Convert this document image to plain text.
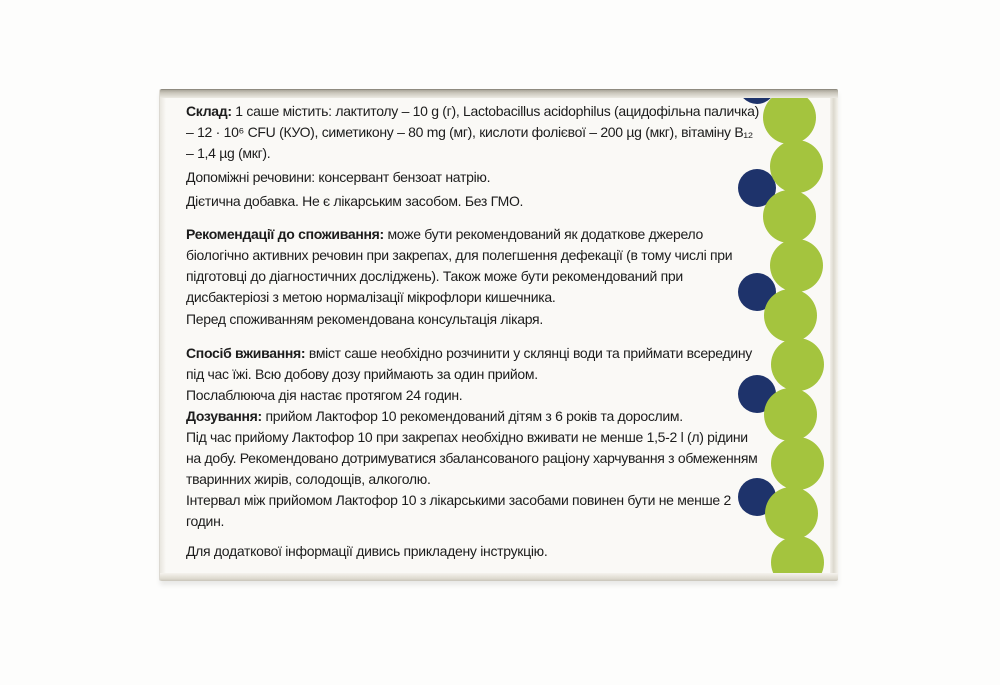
Склад: 1 саше містить: лактитолу – 10 g (г), Lactobacillus acidophilus (ацидофільна паличка) – 12 · 10⁶ CFU (КУО), симетикону – 80 mg (мг), кислоти фолієвої – 200 µg (мкг), вітаміну B₁₂ – 1,4 µg (мкг).

Допоміжні речовини: консервант бензоат натрію.

Дієтична добавка. Не є лікарським засобом. Без ГМО.

Рекомендації до споживання: може бути рекомендований як додаткове джерело біологічно активних речовин при закрепах, для полегшення дефекації (в тому числі при підготовці до діагностичних досліджень). Також може бути рекомендований при дисбактеріозі з метою нормалізації мікрофлори кишечника.

Перед споживанням рекомендована консультація лікаря.

Спосіб вживання: вміст саше необхідно розчинити у склянці води та приймати всередину під час їжі. Всю добову дозу приймають за один прийом.

Послаблююча дія настає протягом 24 годин.

Дозування: прийом Лактофор 10 рекомендований дітям з 6 років та дорослим.

Під час прийому Лактофор 10 при закрепах необхідно вживати не менше 1,5-2 l (л) рідини на добу. Рекомендовано дотримуватися збалансованого раціону харчування з обмеженням тваринних жирів, солодощів, алкоголю.

Інтервал між прийомом Лактофор 10 з лікарськими засобами повинен бути не менше 2 годин.

Для додаткової інформації дивись прикладену інструкцію.
